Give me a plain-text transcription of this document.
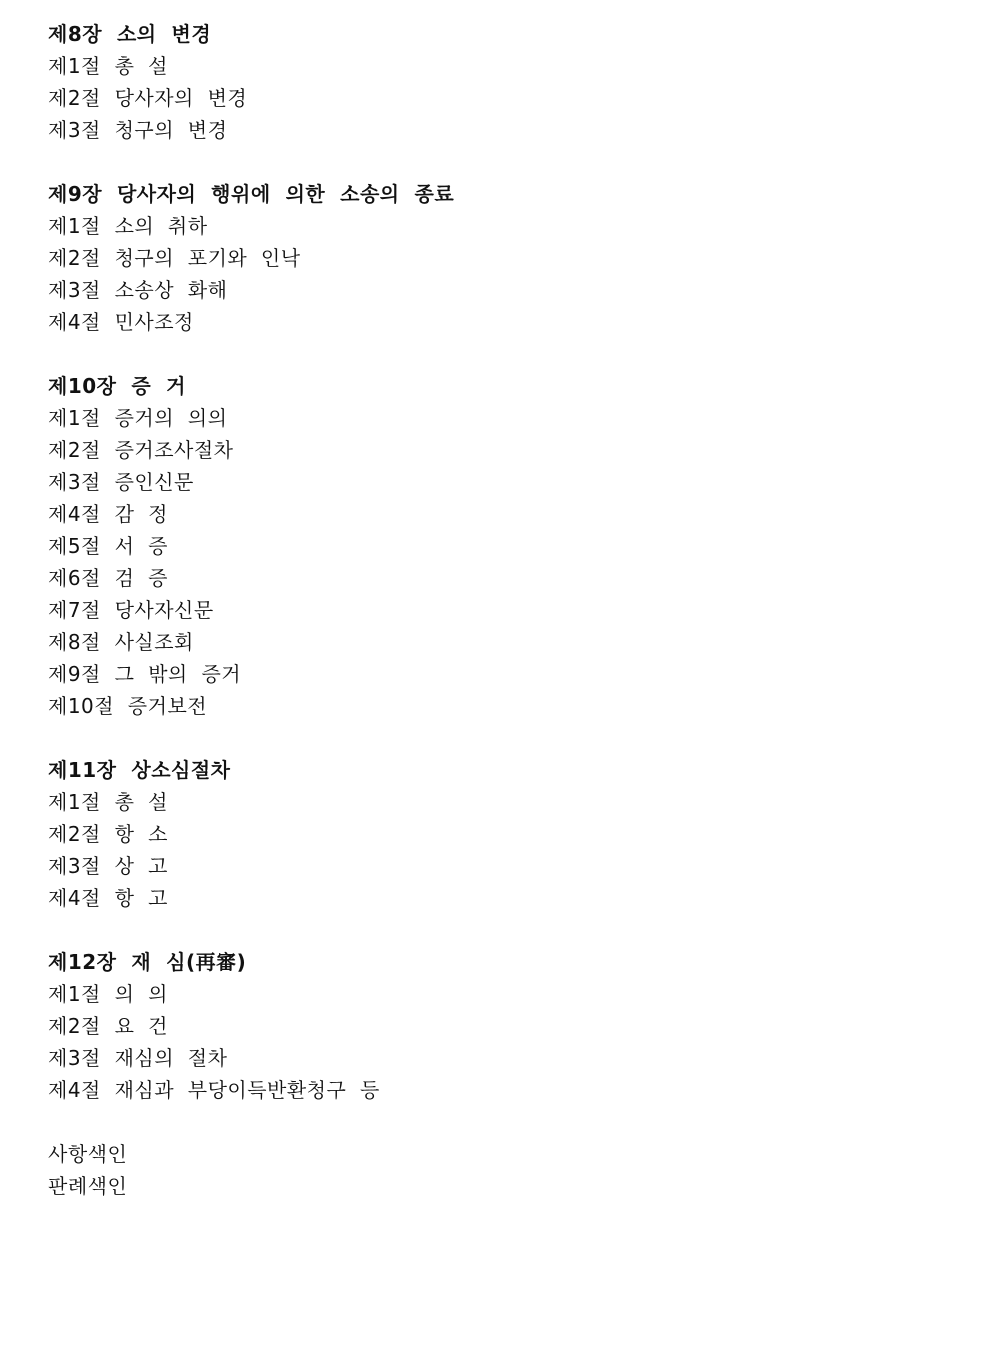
제8장  소의  변경
제1절  총  설
제2절  당사자의  변경
제3절  청구의  변경
제9장  당사자의  행위에  의한  소송의  종료
제1절  소의  취하
제2절  청구의  포기와  인낙
제3절  소송상  화해
제4절  민사조정
제10장  증  거
제1절  증거의  의의
제2절  증거조사절차
제3절  증인신문
제4절  감  정
제5절  서  증
제6절  검  증
제7절  당사자신문
제8절  사실조회
제9절  그  밖의  증거
제10절  증거보전
제11장  상소심절차
제1절  총  설
제2절  항  소
제3절  상  고
제4절  항  고
제12장  재  심(再審)
제1절  의  의
제2절  요  건
제3절  재심의  절차
제4절  재심과  부당이득반환청구  등
사항색인
판례색인
